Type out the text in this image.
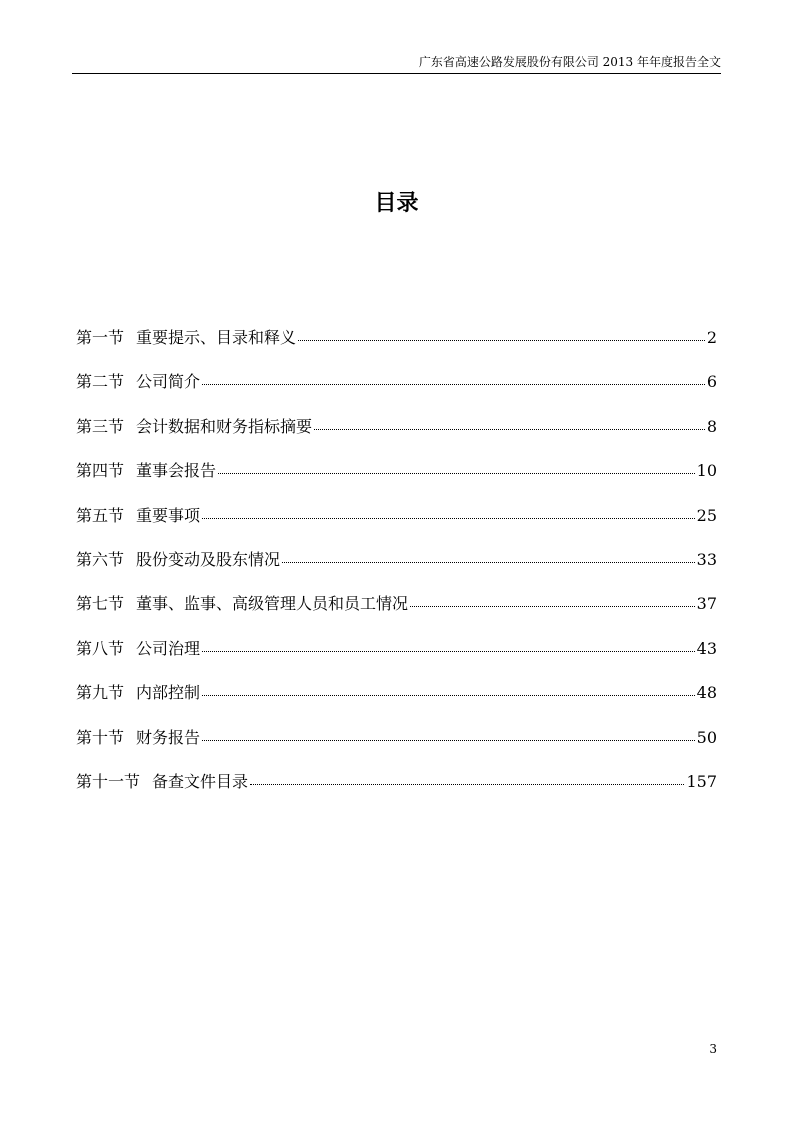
广东省高速公路发展股份有限公司 2013 年年度报告全文
目录
第一节 重要提示、目录和释义	2
第二节 公司简介	6
第三节 会计数据和财务指标摘要	8
第四节 董事会报告	10
第五节 重要事项	25
第六节 股份变动及股东情况	33
第七节 董事、监事、高级管理人员和员工情况	37
第八节 公司治理	43
第九节 内部控制	48
第十节 财务报告	50
第十一节 备查文件目录	157
3
